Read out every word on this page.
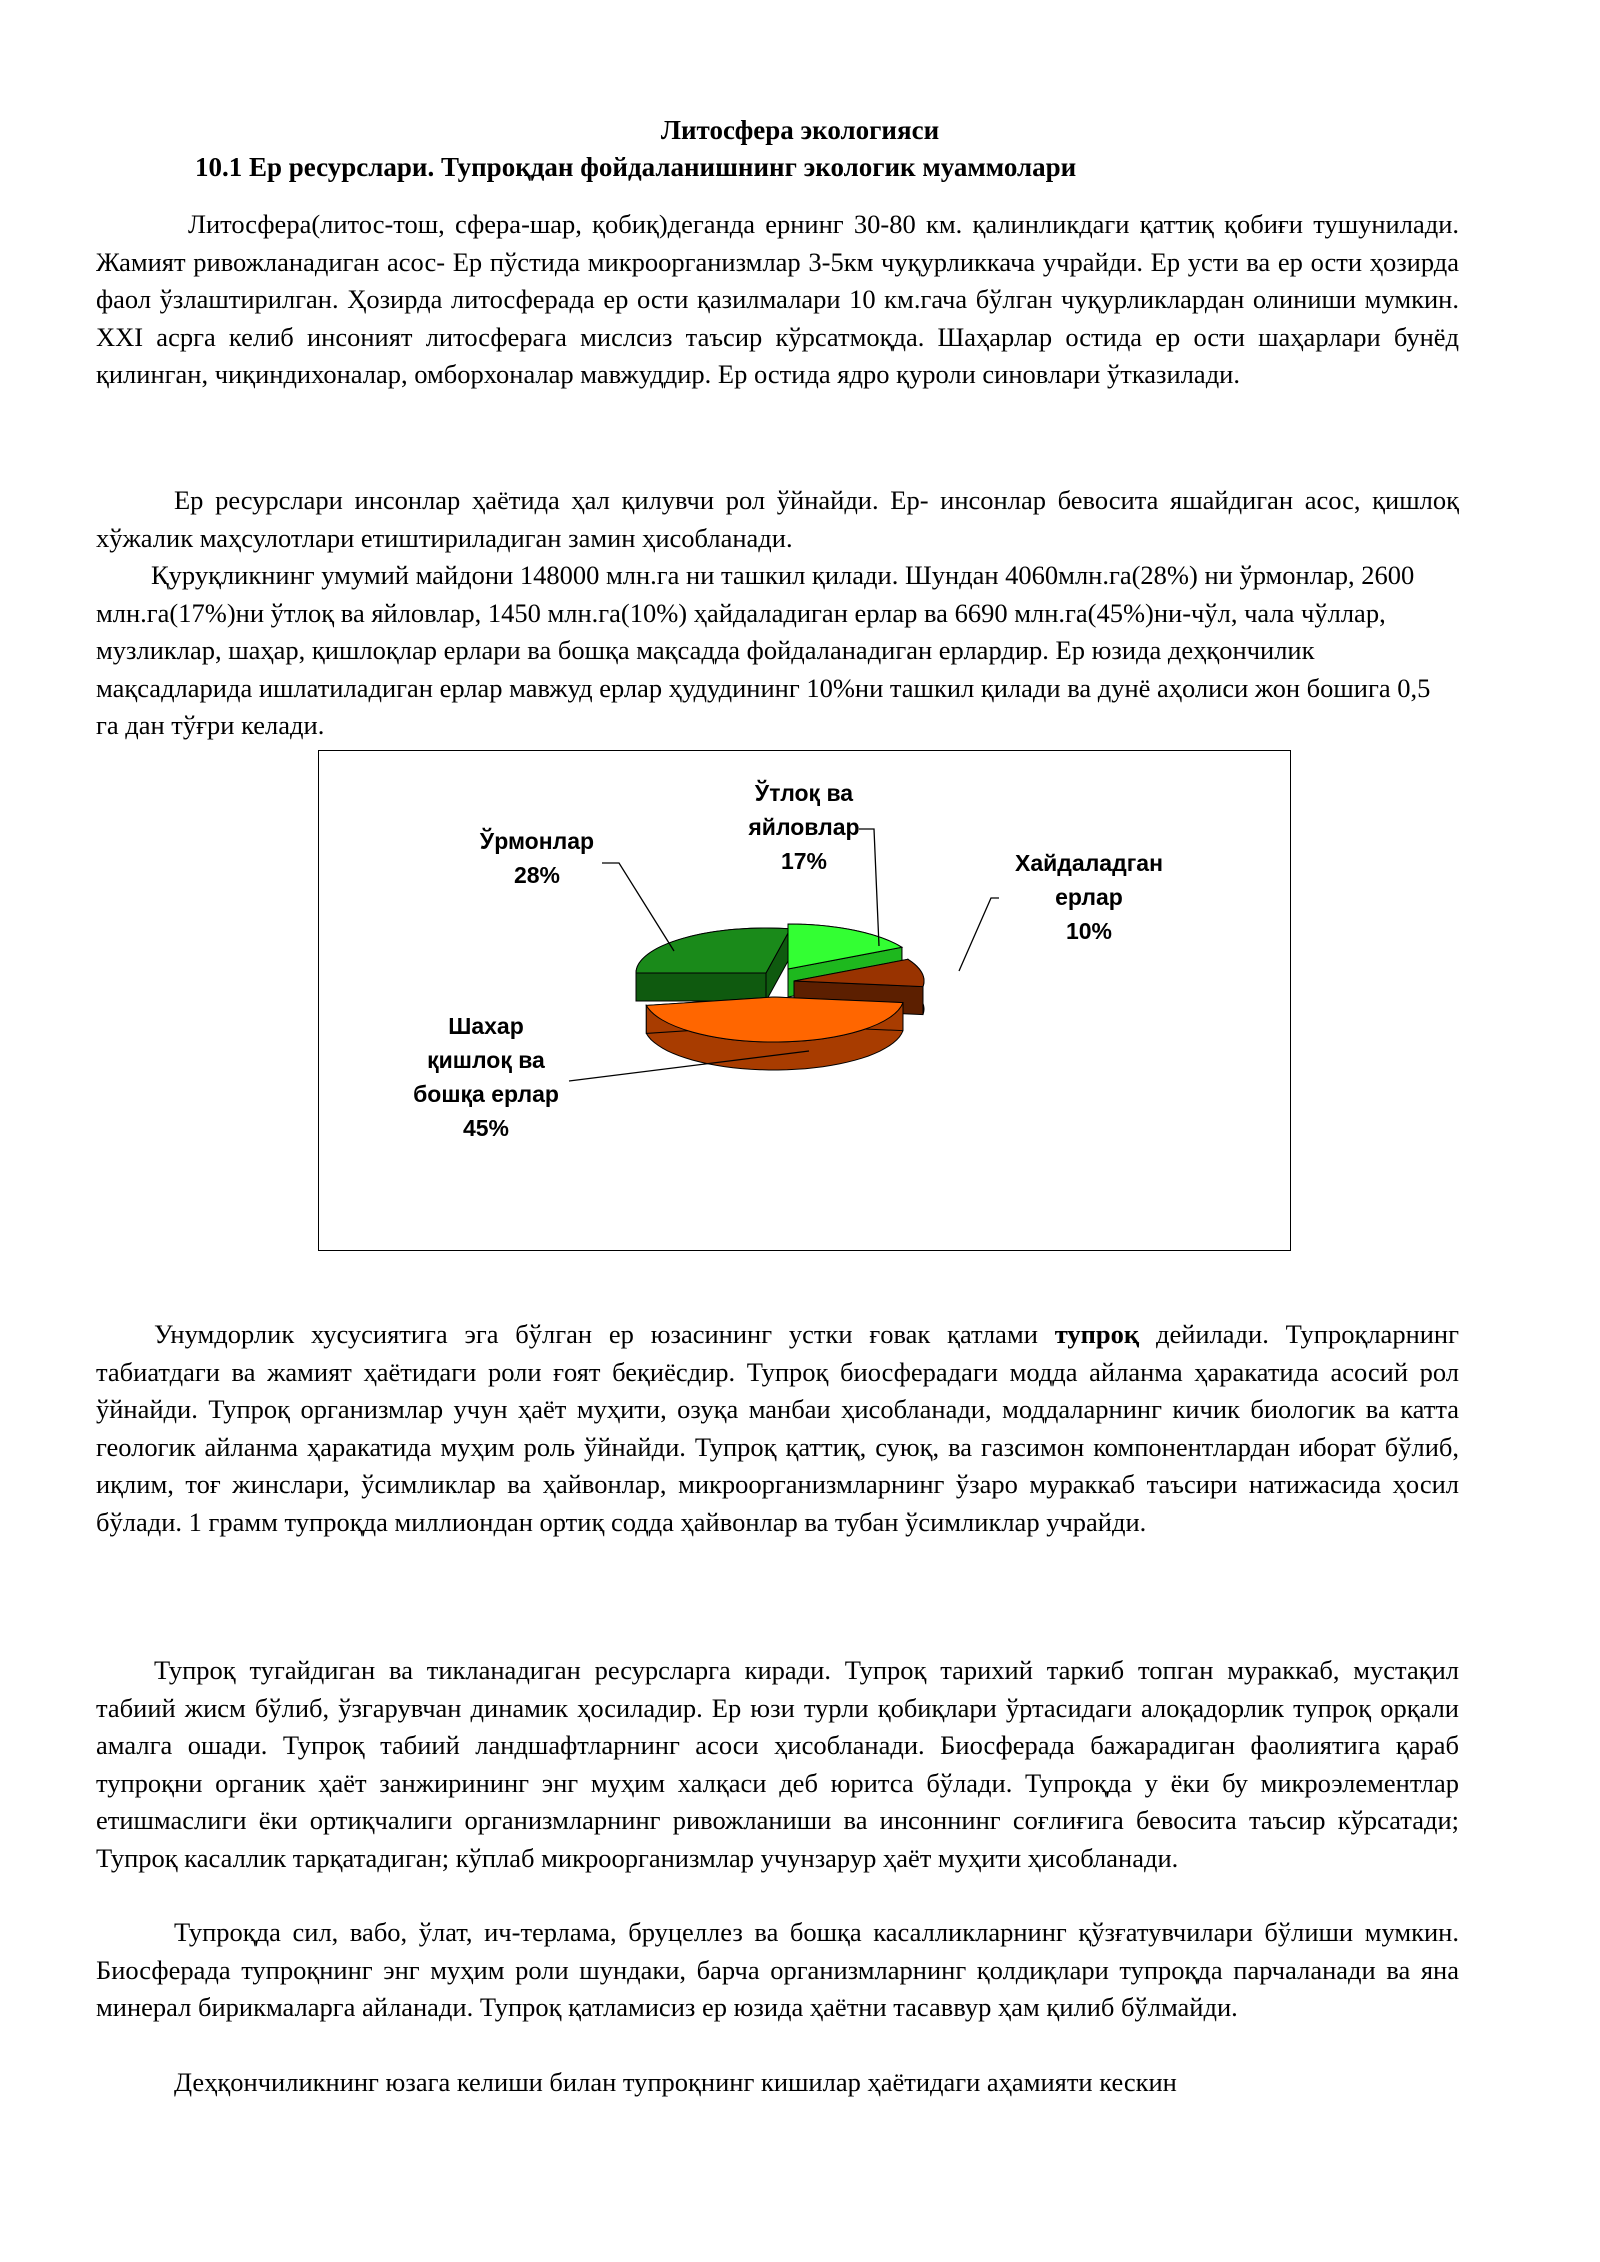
Литосфера экологияси
10.1 Ер ресурслари. Тупроқдан фойдаланишнинг экологик муаммолари

Литосфера(литос-тош, сфера-шар, қобиқ)деганда ернинг 30-80 км. қалинликдаги қаттиқ қобиғи тушунилади. Жамият ривожланадиган асос- Ер пўстида микроорганизмлар 3-5км чуқурликкача учрайди. Ер усти ва ер ости ҳозирда фаол ўзлаштирилган. Ҳозирда литосферада ер ости қазилмалари 10 км.гача бўлган чуқурликлардан олиниши мумкин. XXI асрга келиб инсоният литосферага мислсиз таъсир кўрсатмоқда. Шаҳарлар остида ер ости шаҳарлари бунёд қилинган, чиқиндихоналар, омборхоналар мавжуддир. Ер остида ядро қуроли синовлари ўтказилади.

Ер ресурслари инсонлар ҳаётида ҳал қилувчи рол ўйнайди. Ер- инсонлар бевосита яшайдиган асос, қишлоқ хўжалик маҳсулотлари етиштириладиган замин ҳисобланади.

Қуруқликнинг умумий майдони 148000 млн.га ни ташкил қилади. Шундан 4060млн.га(28%) ни ўрмонлар, 2600 млн.га(17%)ни ўтлоқ ва яйловлар, 1450 млн.га(10%) ҳайдаладиган ерлар ва 6690 млн.га(45%)ни-чўл, чала чўллар, музликлар, шаҳар, қишлоқлар ерлари ва бошқа мақсадда фойдаланадиган ерлардир. Ер юзида деҳқончилик мақсадларида ишлатиладиган ерлар мавжуд ерлар ҳудудининг 10%ни ташкил қилади ва дунё аҳолиси жон бошига 0,5 га дан тўғри келади.

Ўрмонлар 28%
Ўтлоқ ва яйловлар 17%	Хайдаладган ерлар 10%
Шахар қишлоқ ва бошқа ерлар 45%

Унумдорлик хусусиятига эга бўлган ер юзасининг устки ғовак қатлами тупроқ дейилади. Тупроқларнинг табиатдаги ва жамият ҳаётидаги роли ғоят беқиёсдир. Тупроқ биосферадаги модда айланма ҳаракатида асосий рол ўйнайди. Тупроқ организмлар учун ҳаёт муҳити, озуқа манбаи ҳисобланади, моддаларнинг кичик биологик ва катта геологик айланма ҳаракатида муҳим роль ўйнайди. Тупроқ қаттиқ, суюқ, ва газсимон компонентлардан иборат бўлиб, иқлим, тоғ жинслари, ўсимликлар ва ҳайвонлар, микроорганизмларнинг ўзаро мураккаб таъсири натижасида ҳосил бўлади. 1 грамм тупроқда миллиондан ортиқ содда ҳайвонлар ва тубан ўсимликлар учрайди.

Тупроқ тугайдиган ва тикланадиган ресурсларга киради. Тупроқ тарихий таркиб топган мураккаб, мустақил табиий жисм бўлиб, ўзгарувчан динамик ҳосиладир. Ер юзи турли қобиқлари ўртасидаги алоқадорлик тупроқ орқали амалга ошади. Тупроқ табиий ландшафтларнинг асоси ҳисобланади. Биосферада бажарадиган фаолиятига қараб тупроқни органик ҳаёт занжирининг энг муҳим халқаси деб юритса бўлади. Тупроқда у ёки бу микроэлементлар етишмаслиги ёки ортиқчалиги организмларнинг ривожланиши ва инсоннинг соғлиғига бевосита таъсир кўрсатади; Тупроқ касаллик тарқатадиган; кўплаб микроорганизмлар учунзарур ҳаёт муҳити ҳисобланади.

Тупроқда сил, вабо, ўлат, ич-терлама, бруцеллез ва бошқа касалликларнинг қўзғатувчилари бўлиши мумкин. Биосферада тупроқнинг энг муҳим роли шундаки, барча организмларнинг қолдиқлари тупроқда парчаланади ва яна минерал бирикмаларга айланади. Тупроқ қатламисиз ер юзида ҳаётни тасаввур ҳам қилиб бўлмайди.

Деҳқончиликнинг юзага келиши билан тупроқнинг кишилар ҳаётидаги аҳамияти кескин
